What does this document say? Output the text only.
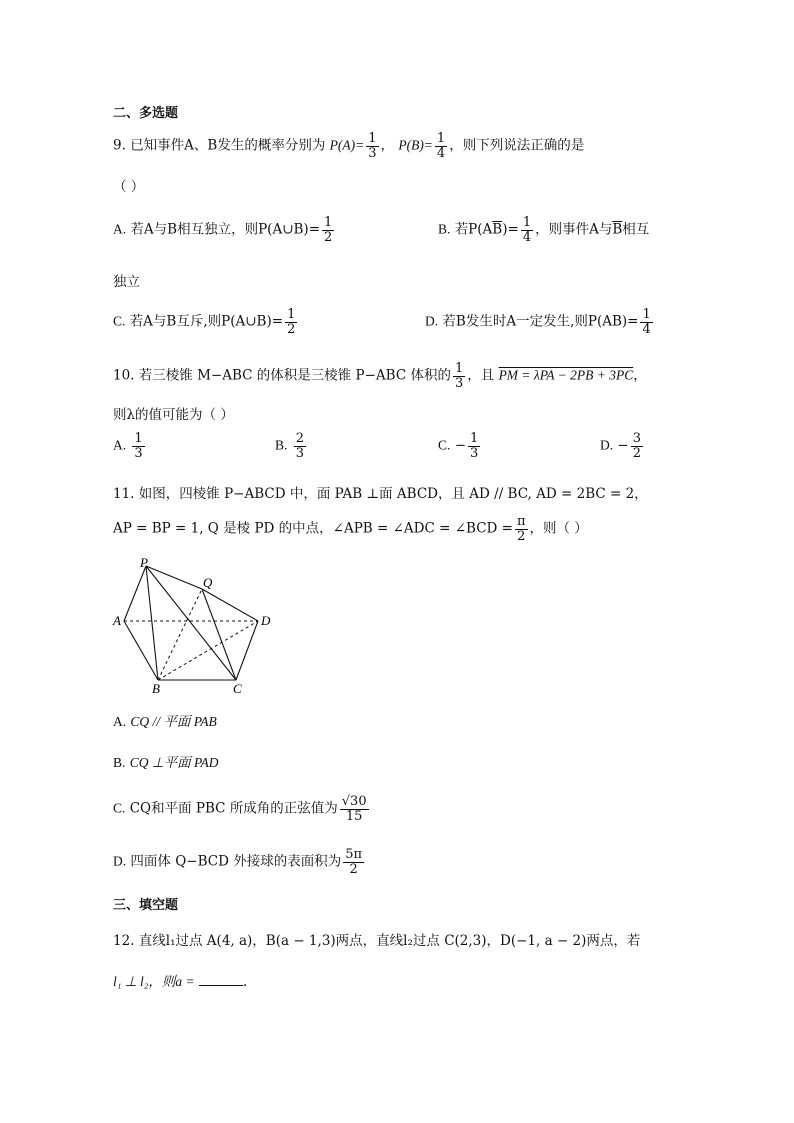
二、多选题
9. 已知事件A、B发生的概率分别为 $P(A)= \frac{1}{3}$ ， $P(B)= \frac{1}{4}$ ，则下列说法正确的是
（ ）
A. 若A与B相互独立，则P(A∪B)= $\frac{1}{2}$	B. 若$P(A\overline{B})= \frac{1}{4}$ ，则事件A与$\overline{B}$相互
独立
C. 若A与B互斥,则P(A∪B)= $\frac{1}{2}$	D. 若B发生时A一定发生,则$P(AB)= \frac{1}{4}$
10. 若三棱锥 M−ABC 的体积是三棱锥 P−ABC 体积的 $\frac{1}{3}$ ，且 PM = λPA − 2PB + 3PC，
则λ的值可能为（ ）
A. $\frac{1}{3}$	B. $\frac{2}{3}$	C. − $\frac{1}{3}$	D. − $\frac{3}{2}$
11. 如图，四棱锥 P−ABCD 中，面 PAB ⊥面 ABCD，且 AD // BC, AD = 2BC = 2，
AP = BP = 1, Q 是棱 PD 的中点，∠APB = ∠ADC = ∠BCD = $\frac{\pi}{2}$ ，则（ ）
P
Q
A	D
B	C
A. CQ // 平面 PAB
B. CQ ⊥平面 PAD
C. CQ和平面 PBC 所成角的正弦值为 $\frac{√30}{15}$
D. 四面体 Q−BCD 外接球的表面积为 $\frac{5\pi}{2}$
三、填空题
12. 直线l₁过点 A(4, a)，B(a − 1,3)两点，直线l₂过点 C(2,3)，D(−1, a − 2)两点，若
l₁ ⊥ l₂，则a =	.
